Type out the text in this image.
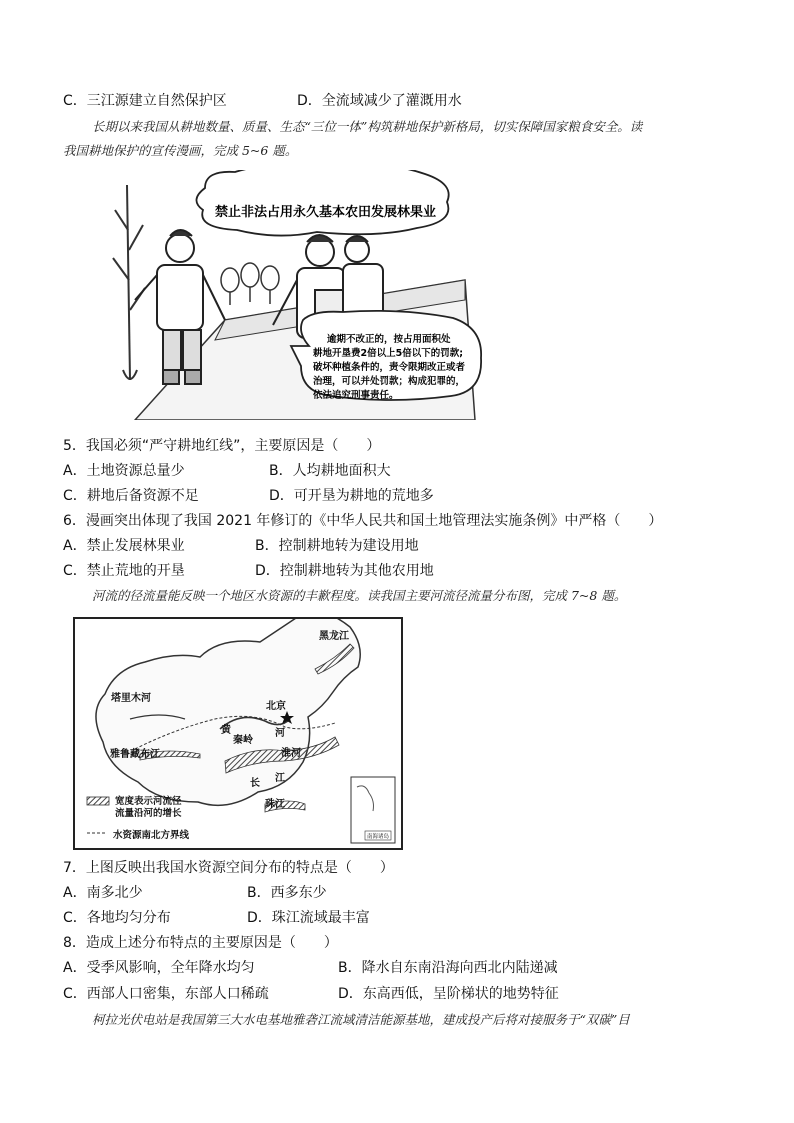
C．三江源建立自然保护区	D．全流域减少了灌溉用水
长期以来我国从耕地数量、质量、生态“三位一体”构筑耕地保护新格局，切实保障国家粮食安全。读
我国耕地保护的宣传漫画，完成 5~6 题。
禁止非法占用永久基本农田发展林果业
逾期不改正的，按占用面积处 耕地开垦费2倍以上5倍以下的罚款; 破坏种植条件的，责令限期改正或者 治理，可以并处罚款；构成犯罪的， 依法追究刑事责任。
5．我国必须“严守耕地红线”，主要原因是（　　）
A．土地资源总量少	B．人均耕地面积大
C．耕地后备资源不足	D．可开垦为耕地的荒地多
6．漫画突出体现了我国 2021 年修订的《中华人民共和国土地管理法实施条例》中严格（　　）
A．禁止发展林果业	B．控制耕地转为建设用地
C．禁止荒地的开垦	D．控制耕地转为其他农用地
河流的径流量能反映一个地区水资源的丰歉程度。读我国主要河流径流量分布图，完成 7~8 题。
南海诸岛
黑龙江
塔里木河
北京
黄
秦岭
河
淮河
雅鲁藏布江
长 江
珠江
宽度表示河流径
流量沿河的增长
水资源南北方界线
7．上图反映出我国水资源空间分布的特点是（　　）
A．南多北少	B．西多东少
C．各地均匀分布	D．珠江流域最丰富
8．造成上述分布特点的主要原因是（　　）
A．受季风影响，全年降水均匀	B．降水自东南沿海向西北内陆递减
C．西部人口密集，东部人口稀疏	D．东高西低，呈阶梯状的地势特征
柯拉光伏电站是我国第三大水电基地雅砻江流域清洁能源基地，建成投产后将对接服务于“双碳”目
